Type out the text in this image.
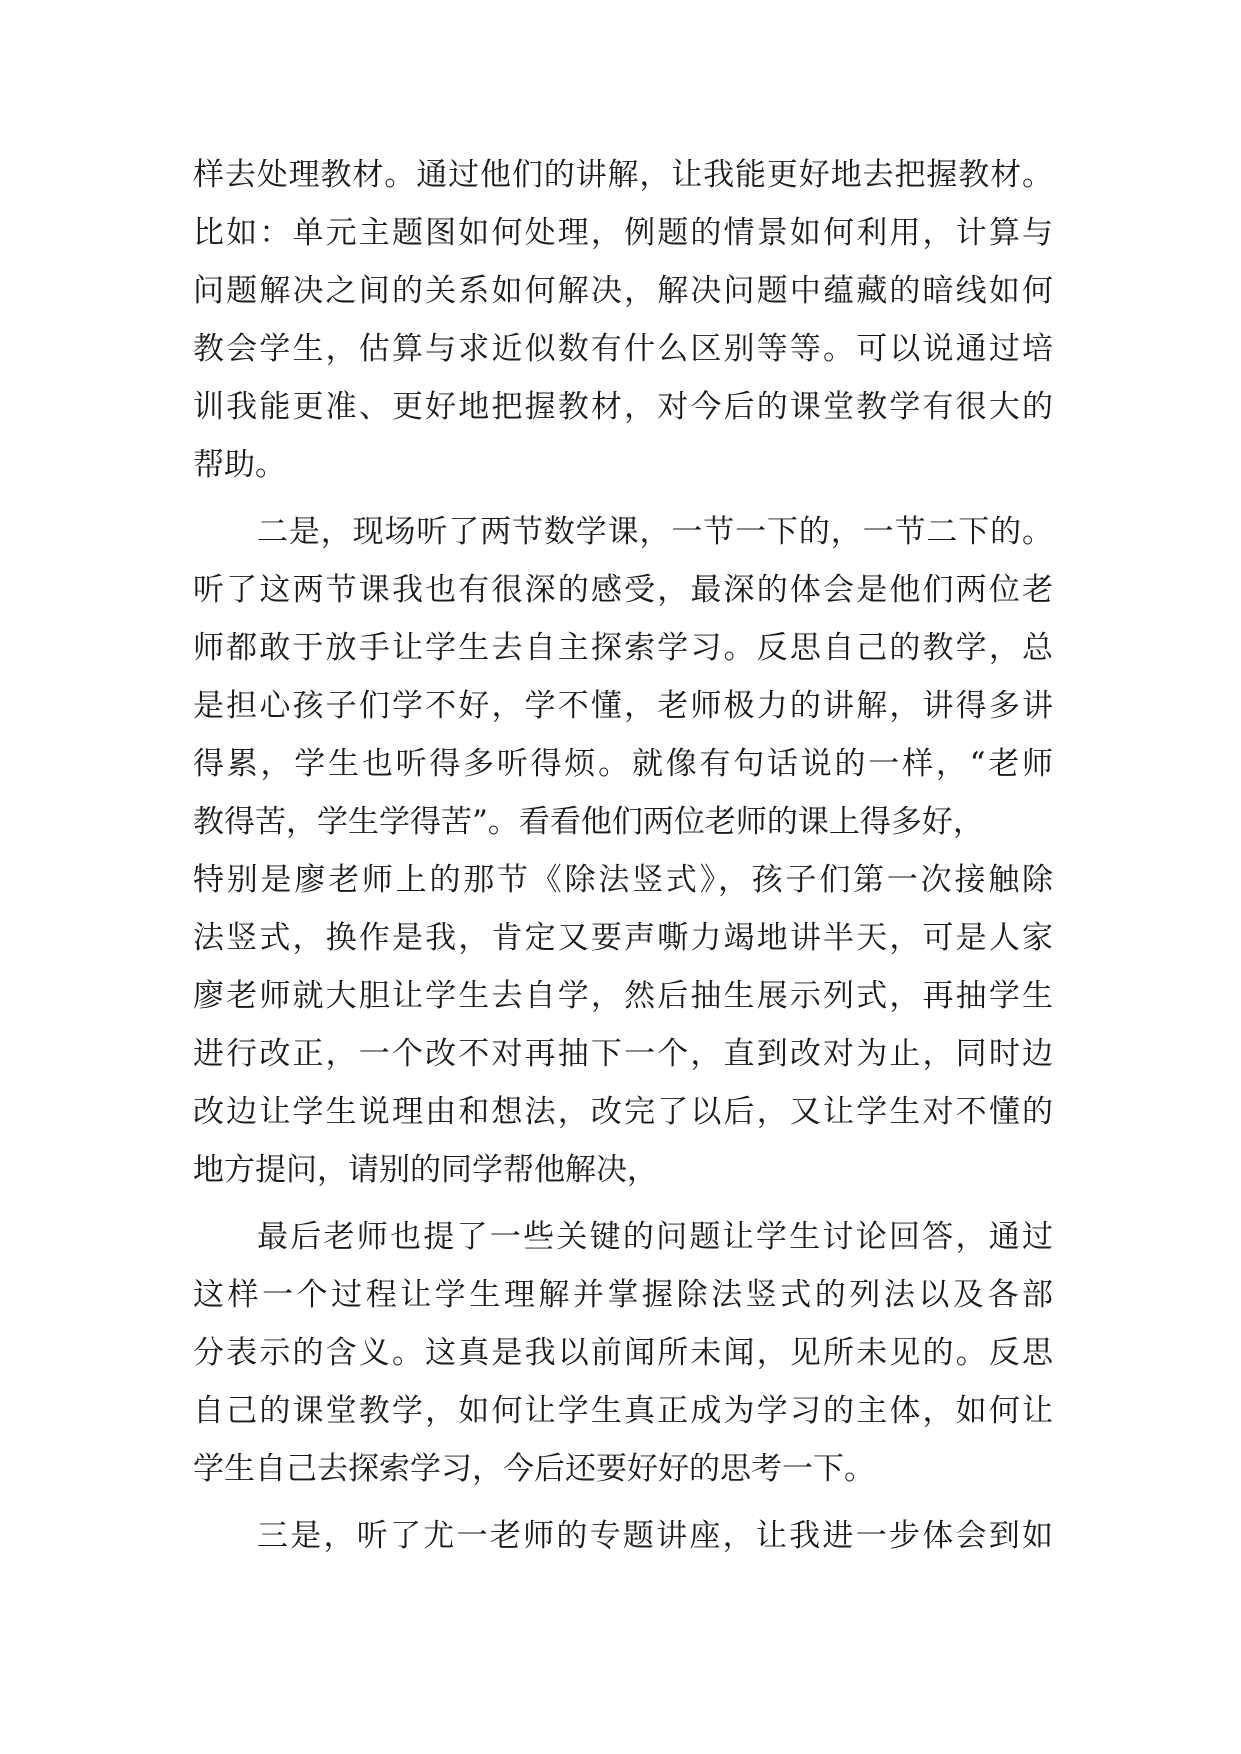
样去处理教材。通过他们的讲解，让我能更好地去把握教材。
比如：单元主题图如何处理，例题的情景如何利用，计算与
问题解决之间的关系如何解决，解决问题中蕴藏的暗线如何
教会学生，估算与求近似数有什么区别等等。可以说通过培
训我能更准、更好地把握教材，对今后的课堂教学有很大的
帮助。
二是，现场听了两节数学课，一节一下的，一节二下的。
听了这两节课我也有很深的感受，最深的体会是他们两位老
师都敢于放手让学生去自主探索学习。反思自己的教学，总
是担心孩子们学不好，学不懂，老师极力的讲解，讲得多讲
得累，学生也听得多听得烦。就像有句话说的一样，“老师
教得苦，学生学得苦”。看看他们两位老师的课上得多好，
特别是廖老师上的那节《除法竖式》，孩子们第一次接触除
法竖式，换作是我，肯定又要声嘶力竭地讲半天，可是人家
廖老师就大胆让学生去自学，然后抽生展示列式，再抽学生
进行改正，一个改不对再抽下一个，直到改对为止，同时边
改边让学生说理由和想法，改完了以后，又让学生对不懂的
地方提问，请别的同学帮他解决，
最后老师也提了一些关键的问题让学生讨论回答，通过
这样一个过程让学生理解并掌握除法竖式的列法以及各部
分表示的含义。这真是我以前闻所未闻，见所未见的。反思
自己的课堂教学，如何让学生真正成为学习的主体，如何让
学生自己去探索学习，今后还要好好的思考一下。
三是，听了尤一老师的专题讲座，让我进一步体会到如
